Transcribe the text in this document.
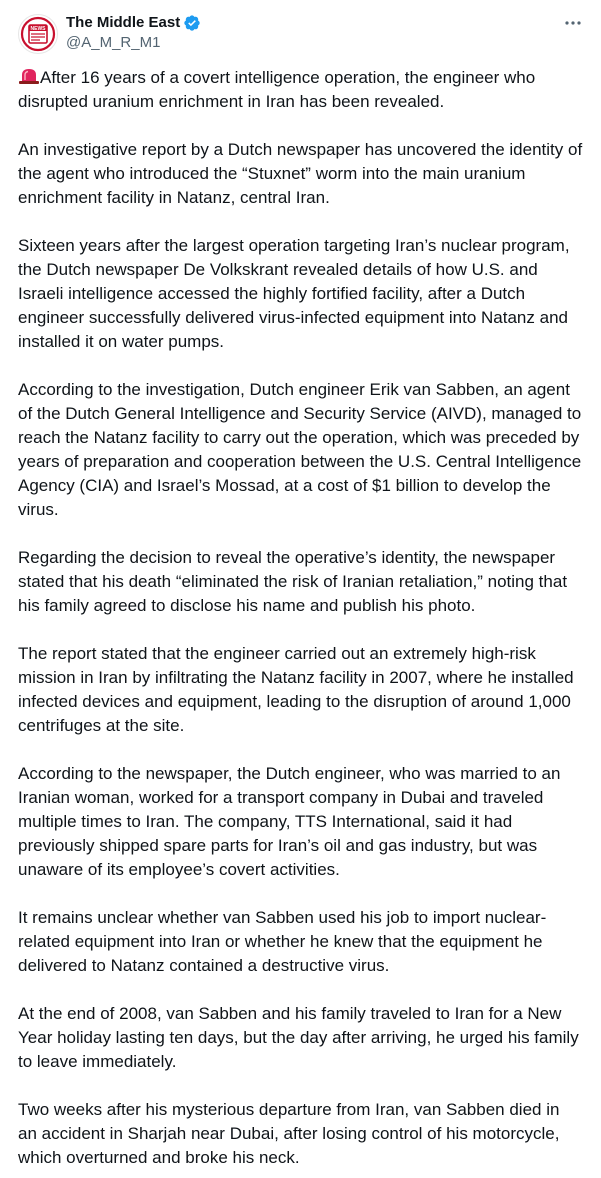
NEWS The Middle East
@A_M_R_M1

After 16 years of a covert intelligence operation, the engineer who disrupted uranium enrichment in Iran has been revealed.

An investigative report by a Dutch newspaper has uncovered the identity of the agent who introduced the “Stuxnet” worm into the main uranium enrichment facility in Natanz, central Iran.

Sixteen years after the largest operation targeting Iran’s nuclear program, the Dutch newspaper De Volkskrant revealed details of how U.S. and Israeli intelligence accessed the highly fortified facility, after a Dutch engineer successfully delivered virus-infected equipment into Natanz and installed it on water pumps.

According to the investigation, Dutch engineer Erik van Sabben, an agent of the Dutch General Intelligence and Security Service (AIVD), managed to reach the Natanz facility to carry out the operation, which was preceded by years of preparation and cooperation between the U.S. Central Intelligence Agency (CIA) and Israel’s Mossad, at a cost of $1 billion to develop the virus.

Regarding the decision to reveal the operative’s identity, the newspaper stated that his death “eliminated the risk of Iranian retaliation,” noting that his family agreed to disclose his name and publish his photo.

The report stated that the engineer carried out an extremely high-risk mission in Iran by infiltrating the Natanz facility in 2007, where he installed infected devices and equipment, leading to the disruption of around 1,000 centrifuges at the site.

According to the newspaper, the Dutch engineer, who was married to an Iranian woman, worked for a transport company in Dubai and traveled multiple times to Iran. The company, TTS International, said it had previously shipped spare parts for Iran’s oil and gas industry, but was unaware of its employee’s covert activities.

It remains unclear whether van Sabben used his job to import nuclear-related equipment into Iran or whether he knew that the equipment he delivered to Natanz contained a destructive virus.

At the end of 2008, van Sabben and his family traveled to Iran for a New Year holiday lasting ten days, but the day after arriving, he urged his family to leave immediately.

Two weeks after his mysterious departure from Iran, van Sabben died in an accident in Sharjah near Dubai, after losing control of his motorcycle, which overturned and broke his neck.
